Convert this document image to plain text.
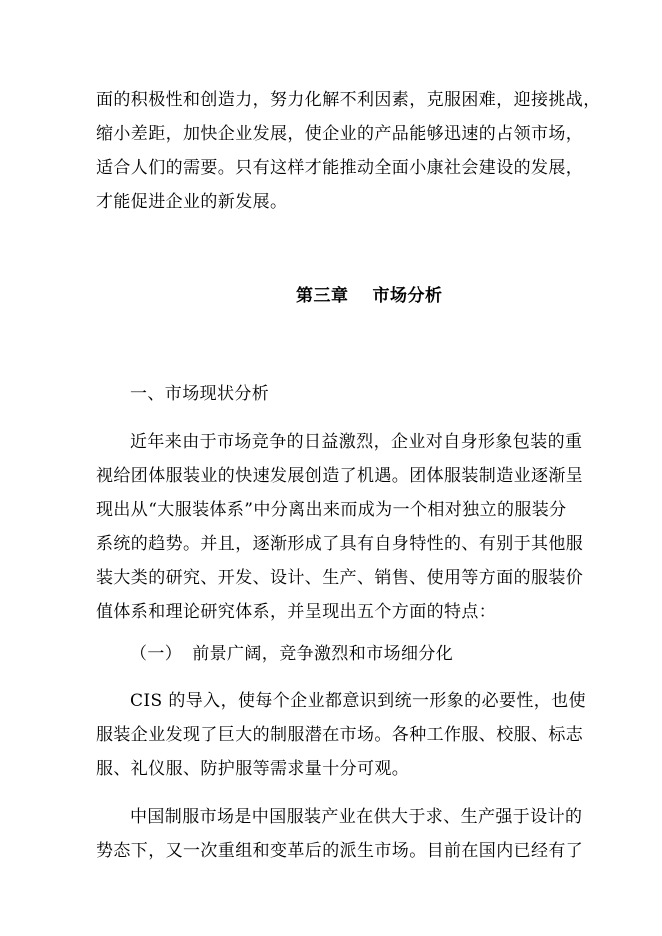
面的积极性和创造力，努力化解不利因素，克服困难，迎接挑战，
缩小差距，加快企业发展，使企业的产品能够迅速的占领市场，
适合人们的需要。只有这样才能推动全面小康社会建设的发展，
才能促进企业的新发展。
第三章 市场分析
一、市场现状分析
近年来由于市场竞争的日益激烈，企业对自身形象包装的重
视给团体服装业的快速发展创造了机遇。团体服装制造业逐渐呈
现出从“大服装体系”中分离出来而成为一个相对独立的服装分
系统的趋势。并且，逐渐形成了具有自身特性的、有别于其他服
装大类的研究、开发、设计、生产、销售、使用等方面的服装价
值体系和理论研究体系，并呈现出五个方面的特点：
（一） 前景广阔，竞争激烈和市场细分化
CIS 的导入，使每个企业都意识到统一形象的必要性，也使
服装企业发现了巨大的制服潜在市场。各种工作服、校服、标志
服、礼仪服、防护服等需求量十分可观。
中国制服市场是中国服装产业在供大于求、生产强于设计的
势态下，又一次重组和变革后的派生市场。目前在国内已经有了
